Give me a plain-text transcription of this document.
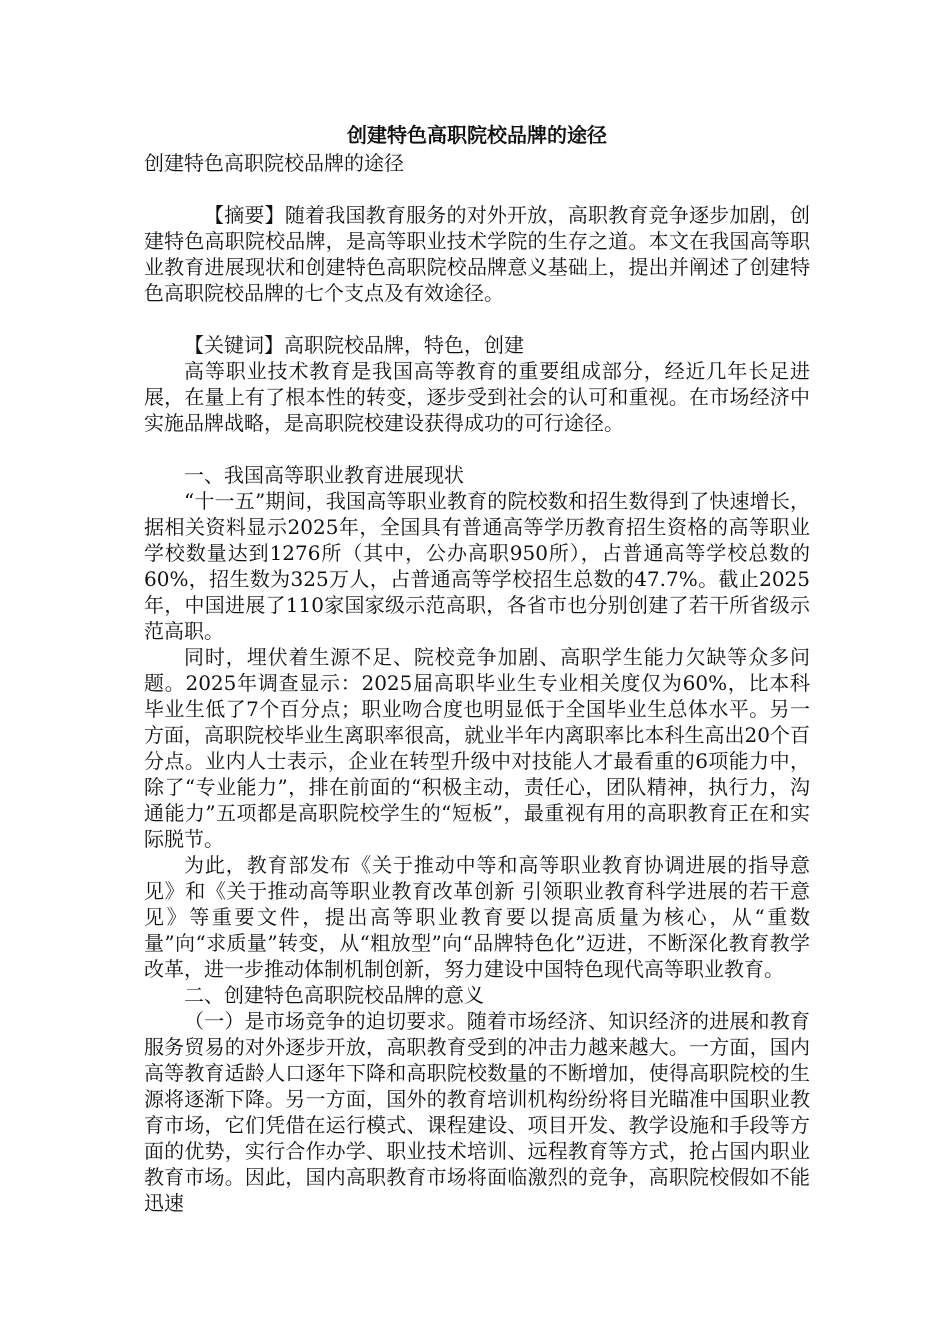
创建特色高职院校品牌的途径

创建特色高职院校品牌的途径

【摘要】随着我国教育服务的对外开放，高职教育竞争逐步加剧，创建特色高职院校品牌，是高等职业技术学院的生存之道。本文在我国高等职业教育进展现状和创建特色高职院校品牌意义基础上，提出并阐述了创建特色高职院校品牌的七个支点及有效途径。

【关键词】高职院校品牌，特色，创建

高等职业技术教育是我国高等教育的重要组成部分，经近几年长足进展，在量上有了根本性的转变，逐步受到社会的认可和重视。在市场经济中实施品牌战略，是高职院校建设获得成功的可行途径。

一、我国高等职业教育进展现状

“十一五”期间，我国高等职业教育的院校数和招生数得到了快速增长，据相关资料显示2025年，全国具有普通高等学历教育招生资格的高等职业学校数量达到1276所（其中，公办高职950所），占普通高等学校总数的60%，招生数为325万人，占普通高等学校招生总数的47.7%。截止2025年，中国进展了110家国家级示范高职，各省市也分别创建了若干所省级示范高职。

同时，埋伏着生源不足、院校竞争加剧、高职学生能力欠缺等众多问题。2025年调查显示：2025届高职毕业生专业相关度仅为60%，比本科毕业生低了7个百分点；职业吻合度也明显低于全国毕业生总体水平。另一方面，高职院校毕业生离职率很高，就业半年内离职率比本科生高出20个百分点。业内人士表示，企业在转型升级中对技能人才最看重的6项能力中，除了“专业能力”，排在前面的“积极主动，责任心，团队精神，执行力，沟通能力”五项都是高职院校学生的“短板”，最重视有用的高职教育正在和实际脱节。

为此，教育部发布《关于推动中等和高等职业教育协调进展的指导意见》和《关于推动高等职业教育改革创新 引领职业教育科学进展的若干意见》等重要文件，提出高等职业教育要以提高质量为核心，从“重数量”向“求质量”转变，从“粗放型”向“品牌特色化”迈进，不断深化教育教学改革，进一步推动体制机制创新，努力建设中国特色现代高等职业教育。

二、创建特色高职院校品牌的意义

（一）是市场竞争的迫切要求。随着市场经济、知识经济的进展和教育服务贸易的对外逐步开放，高职教育受到的冲击力越来越大。一方面，国内高等教育适龄人口逐年下降和高职院校数量的不断增加，使得高职院校的生源将逐渐下降。另一方面，国外的教育培训机构纷纷将目光瞄准中国职业教育市场，它们凭借在运行模式、课程建设、项目开发、教学设施和手段等方面的优势，实行合作办学、职业技术培训、远程教育等方式，抢占国内职业教育市场。因此，国内高职教育市场将面临激烈的竞争，高职院校假如不能迅速
